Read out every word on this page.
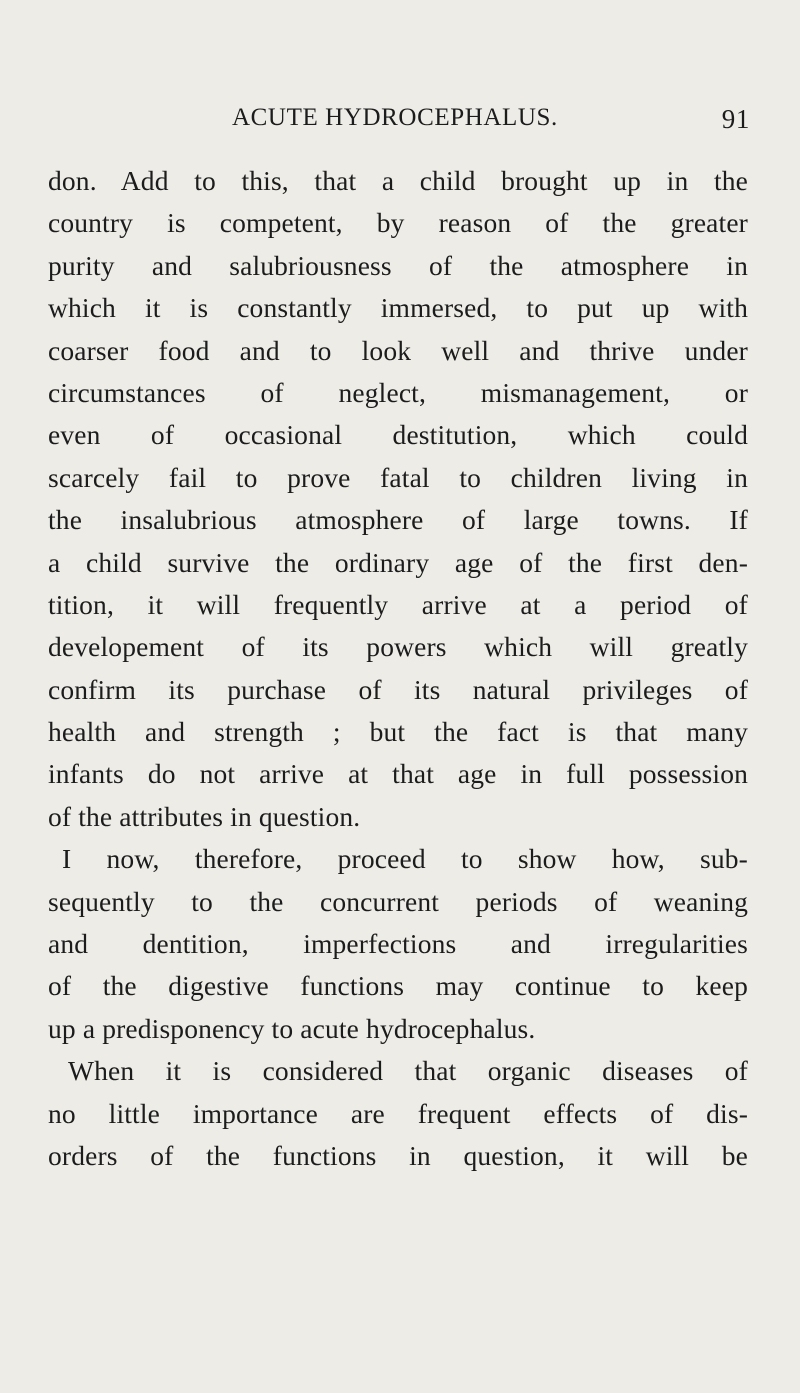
ACUTE HYDROCEPHALUS.	91
don. Add to this, that a child brought up in the
country is competent, by reason of the greater
purity and salubriousness of the atmosphere in
which it is constantly immersed, to put up with
coarser food and to look well and thrive under
circumstances of neglect, mismanagement, or
even of occasional destitution, which could
scarcely fail to prove fatal to children living in
the insalubrious atmosphere of large towns. If
a child survive the ordinary age of the first den-
tition, it will frequently arrive at a period of
developement of its powers which will greatly
confirm its purchase of its natural privileges of
health and strength ; but the fact is that many
infants do not arrive at that age in full possession
of the attributes in question.
I now, therefore, proceed to show how, sub-
sequently to the concurrent periods of weaning
and dentition, imperfections and irregularities
of the digestive functions may continue to keep
up a predisponency to acute hydrocephalus.
When it is considered that organic diseases of
no little importance are frequent effects of dis-
orders of the functions in question, it will be
